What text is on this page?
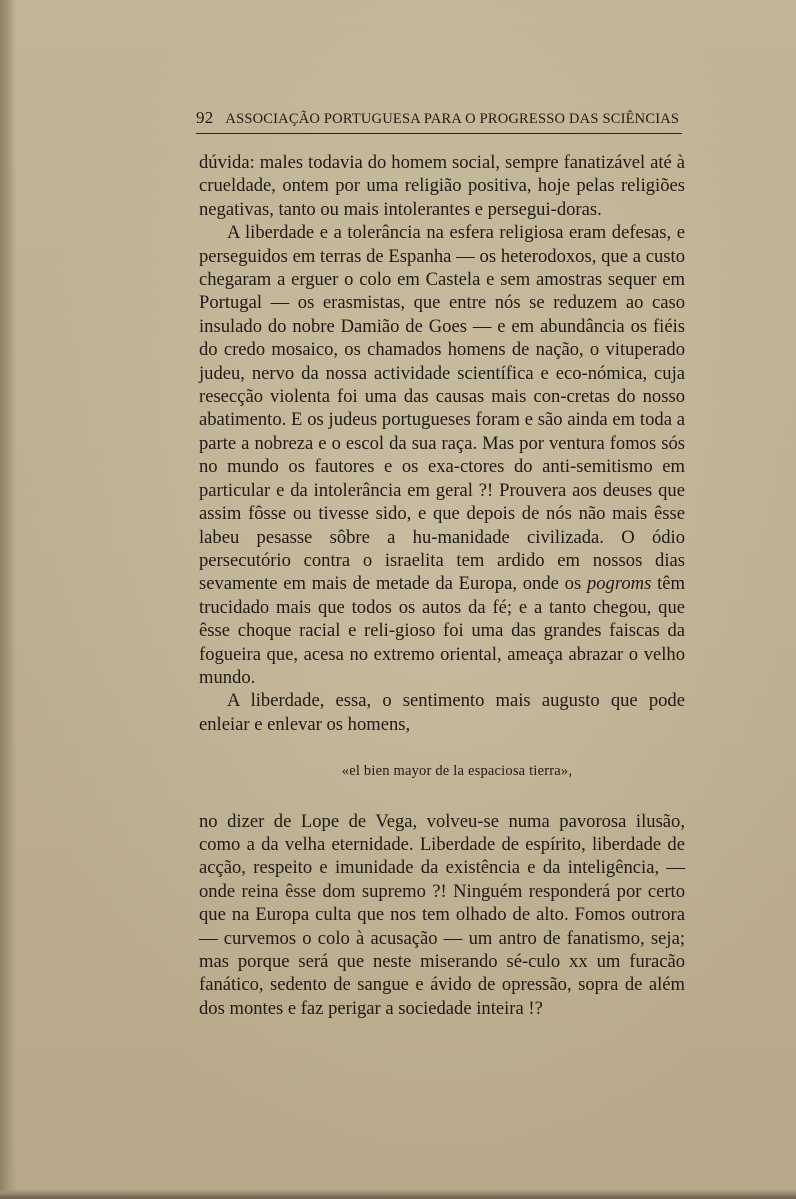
92 ASSOCIAÇÃO PORTUGUESA PARA O PROGRESSO DAS SCIÊNCIAS

dúvida: males todavia do homem social, sempre fanatizável até à crueldade, ontem por uma religião positiva, hoje pelas religiões negativas, tanto ou mais intolerantes e persegui-doras.

A liberdade e a tolerância na esfera religiosa eram defesas, e perseguidos em terras de Espanha — os heterodoxos, que a custo chegaram a erguer o colo em Castela e sem amostras sequer em Portugal — os erasmistas, que entre nós se reduzem ao caso insulado do nobre Damião de Goes — e em abundância os fiéis do credo mosaico, os chamados homens de nação, o vituperado judeu, nervo da nossa actividade scientífica e eco-nómica, cuja resecção violenta foi uma das causas mais con-cretas do nosso abatimento. E os judeus portugueses foram e são ainda em toda a parte a nobreza e o escol da sua raça. Mas por ventura fomos sós no mundo os fautores e os exa-ctores do anti-semitismo em particular e da intolerância em geral ?! Prouvera aos deuses que assim fôsse ou tivesse sido, e que depois de nós não mais êsse labeu pesasse sôbre a hu-manidade civilizada. O ódio persecutório contra o israelita tem ardido em nossos dias sevamente em mais de metade da Europa, onde os pogroms têm trucidado mais que todos os autos da fé; e a tanto chegou, que êsse choque racial e reli-gioso foi uma das grandes faiscas da fogueira que, acesa no extremo oriental, ameaça abrazar o velho mundo.

A liberdade, essa, o sentimento mais augusto que pode enleiar e enlevar os homens,

«el bien mayor de la espaciosa tierra»,

no dizer de Lope de Vega, volveu-se numa pavorosa ilusão, como a da velha eternidade. Liberdade de espírito, liberdade de acção, respeito e imunidade da existência e da inteligência, — onde reina êsse dom supremo ?! Ninguém responderá por certo que na Europa culta que nos tem olhado de alto. Fomos outrora — curvemos o colo à acusação — um antro de fanatismo, seja; mas porque será que neste miserando sé-culo xx um furacão fanático, sedento de sangue e ávido de opressão, sopra de além dos montes e faz perigar a sociedade inteira !?
